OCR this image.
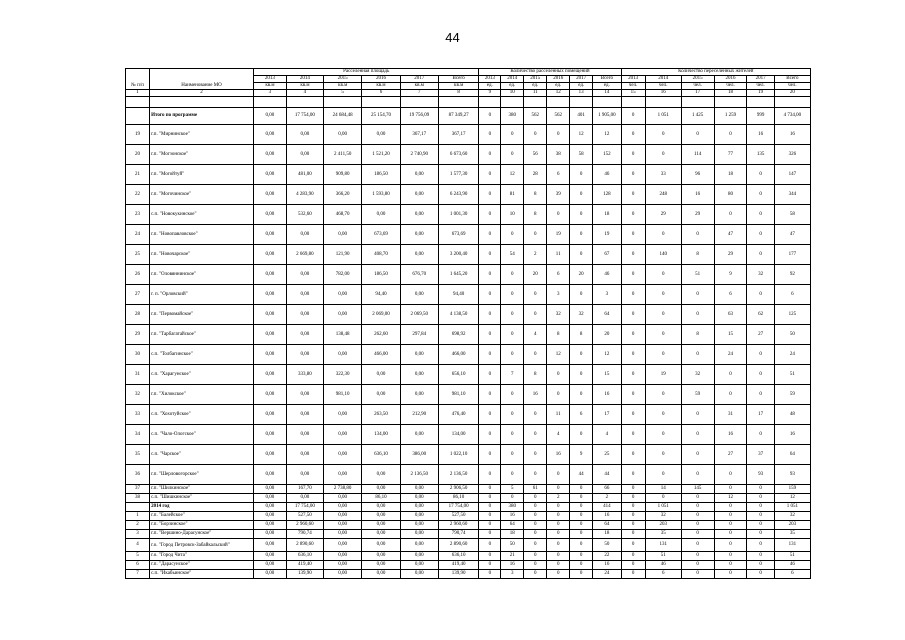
44
№ п/п	Наименование МО	Расселенная площадь						Количество расселенных помещений						Количество переселенных жителей					
		2013	2014	2015	2016	2017	Всего	2013	2014	2015	2016	2017	Всего	2013	2014	2015	2016	2017	Всего
		кв.м	кв.м	кв.м	кв.м	кв.м	кв.м	ед.	ед.	ед.	ед.	ед.	ед.	чел.	чел.	чел.	чел.	чел.	чел.
1	2	3	4	5	6	7	8	9	10	11	12	13	14	15	16	17	18	19	20

	Итого по программе	0,00	17 754,00	24 684,48	25 154,70	19 756,09	87 349,27	0	380	562	562	401	1 905,00	0	1 051	1 425	1 259	999	4 734,00
19	г.п. "Мирнинское"	0,00	0,00	0,00	0,00	367,17	367,17	0	0	0	0	12	12	0	0	0	0	16	16
20	г.п. "Могзонское"	0,00	0,00	2 411,50	1 521,20	2 740,90	6 673,60	0	0	56	38	58	152	0	0	114	77	135	326
21	г.п. "Могойтуй"	0,00	481,00	909,80	186,50	0,00	1 577,30	0	12	28	6	0	46	0	33	96	18	0	147
22	г.п. "Могочинское"	0,00	4 283,90	366,20	1 593,80	0,00	6 243,90	0	81	8	39	0	128	0	248	16	80	0	344
23	с.п. "Новокукинское"	0,00	532,60	468,70	0,00	0,00	1 001,30	0	10	8	0	0	18	0	29	29	0	0	58
24	г.п. "Новопавловское"	0,00	0,00	0,00	673,69	0,00	673,69	0	0	0	19	0	19	0	0	0	47	0	47
25	г.п. "Новочарское"	0,00	2 669,80	121,90	408,70	0,00	3 200,40	0	54	2	11	0	67	0	140	8	29	0	177
26	г.п. "Оловяннинское"	0,00	0,00	782,00	186,50	676,70	1 645,20	0	0	20	6	20	46	0	0	51	9	32	92
27	г. п. "Орловский"	0,00	0,00	0,00	94,40	0,00	94,40	0	0	0	3	0	3	0	0	0	6	0	6
28	г.п. "Первомайское"	0,00	0,00	0,00	2 069,00	2 069,50	4 138,50	0	0	0	32	32	64	0	0	0	63	62	125
29	г.п. "Тарбагатайское"	0,00	0,00	138,48	262,60	297,84	698,92	0	0	4	8	8	20	0	0	8	15	27	50
30	с.п. "Толбагинское"	0,00	0,00	0,00	466,00	0,00	466,00	0	0	0	12	0	12	0	0	0	24	0	24
31	с.п. "Харагунское"	0,00	333,80	322,30	0,00	0,00	656,10	0	7	8	0	0	15	0	19	32	0	0	51
32	г.п. "Хилокское"	0,00	0,00	981,10	0,00	0,00	981,10	0	0	16	0	0	16	0	0	59	0	0	59
33	с.п. "Хохотуйское"	0,00	0,00	0,00	263,50	212,90	476,40	0	0	0	11	6	17	0	0	0	31	17	48
34	с.п. "Чало-Ологское"	0,00	0,00	0,00	134,00	0,00	134,00	0	0	0	4	0	4	0	0	0	16	0	16
35	с.п. "Чарское"	0,00	0,00	0,00	636,10	386,00	1 022,10	0	0	0	16	9	25	0	0	0	27	37	64
36	г.п. "Шерловогорское"	0,00	0,00	0,00	0,00	2 136,50	2 136,50	0	0	0	0	44	44	0	0	0	0	93	93
37	г.п. "Шилкинское"	0,00	167,70	2 738,80	0,00	0,00	2 906,50	0	5	61	0	0	66	0	14	145	0	0	159
38	с.п. "Шишкинское"	0,00	0,00	0,00	86,10	0,00	86,10	0	0	0	2	0	2	0	0	0	12	0	12
	2014 год	0,00	17 754,00	0,00	0,00	0,00	17 754,00	0	380	0	0	0	414	0	1 051	0	0	0	1 051
1	г.п. "Балейское"	0,00	527,50	0,00	0,00	0,00	527,50	0	16	0	0	0	16	0	32	0	0	0	32
2	г.п. "Борзинское"	0,00	2 960,60	0,00	0,00	0,00	2 960,60	0	64	0	0	0	64	0	203	0	0	0	203
3	г.п. "Вершино-Дарасунское"	0,00	790,74	0,00	0,00	0,00	790,74	0	18	0	0	0	18	0	35	0	0	0	35
4	г.о. "Город Петровск-Забайкальский"	0,00	2 890,60	0,00	0,00	0,00	2 890,60	0	50	0	0	0	50	0	131	0	0	0	131
5	г.о. "Город Чита"	0,00	636,10	0,00	0,00	0,00	636,10	0	21	0	0	0	22	0	51	0	0	0	51
6	г.п. "Дарасунское"	0,00	419,40	0,00	0,00	0,00	419,40	0	16	0	0	0	16	0	46	0	0	0	46
7	с.п. "Икабьинское"	0,00	139,90	0,00	0,00	0,00	139,90	0	3	0	0	0	24	0	6	0	0	0	6
